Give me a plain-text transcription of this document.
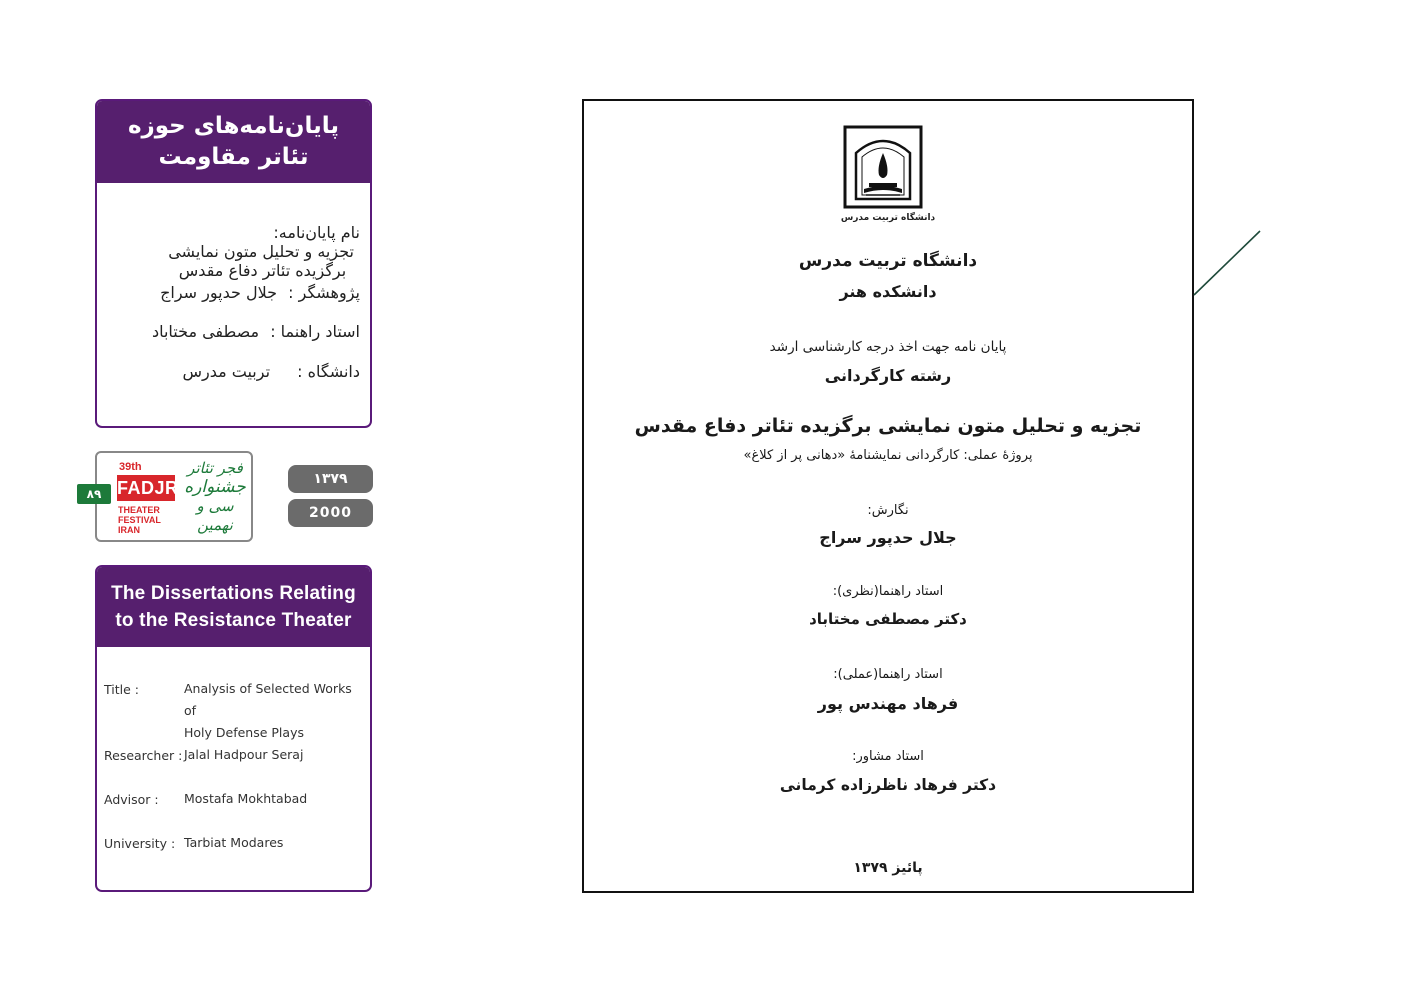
پایان‌نامه‌های حوزه
تئاتر مقاومت
نام پایان‌نامه: تجزیه و تحلیل متون نمایشی
برگزیده تئاتر دفاع مقدس
پژوهشگر : جلال حدپور سراج
استاد راهنما : مصطفی مختاباد
دانشگاه : تربیت مدرس
39th
FADJR
THEATER FESTIVAL
IRAN
فجر تئاتر
جشنواره
سی و نهمین
۸۹
۱۳۷۹
2000
The Dissertations Relating
to the Resistance Theater
Title :	Analysis of Selected Works of
Holy Defense Plays
Researcher : Jalal Hadpour Seraj
Advisor : Mostafa Mokhtabad
University : Tarbiat Modares
دانشگاه تربیت مدرس
دانشگاه تربیت مدرس
دانشکده هنر
پایان نامه جهت اخذ درجه کارشناسی ارشد
رشته کارگردانی
تجزیه و تحلیل متون نمایشی برگزیده تئاتر دفاع مقدس
پروژهٔ عملی: کارگردانی نمایشنامهٔ «دهانی پر از کلاغ»
نگارش:
جلال حدپور سراج
استاد راهنما(نظری):
دکتر مصطفی مختاباد
استاد راهنما(عملی):
فرهاد مهندس پور
استاد مشاور:
دکتر فرهاد ناظرزاده کرمانی
پائیز ۱۳۷۹
